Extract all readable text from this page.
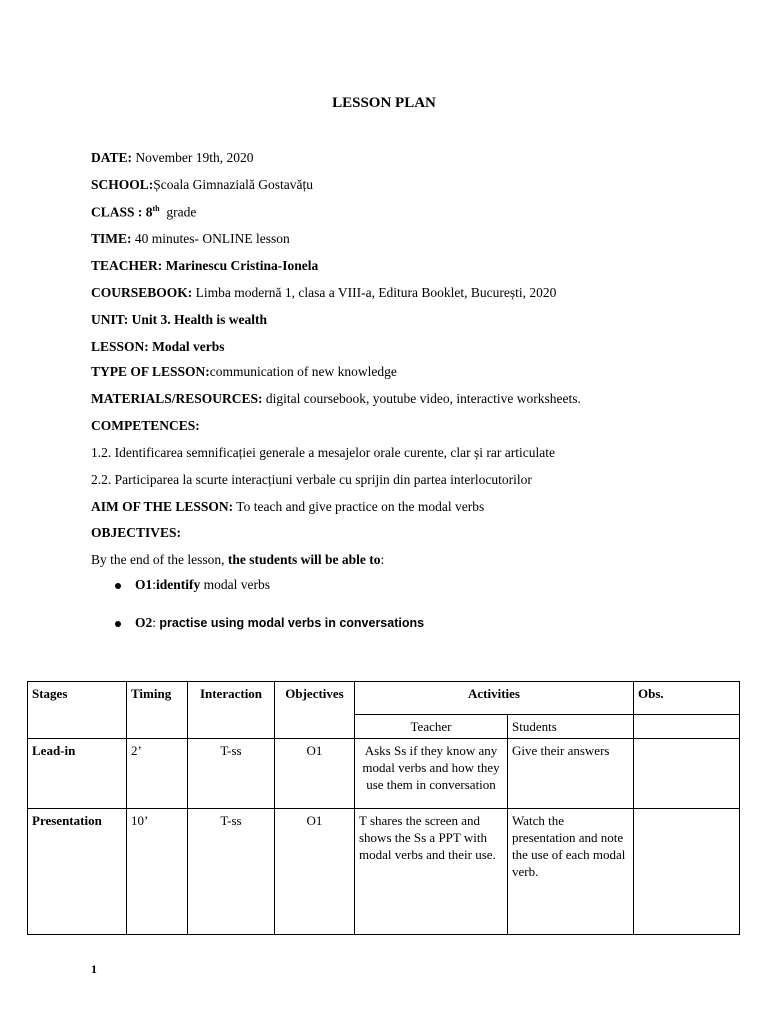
LESSON PLAN
DATE: November 19th, 2020
SCHOOL:Școala Gimnazială Gostavățu
CLASS : 8th grade
TIME: 40 minutes- ONLINE lesson
TEACHER: Marinescu Cristina-Ionela
COURSEBOOK: Limba modernă 1, clasa a VIII-a, Editura Booklet, București, 2020
UNIT: Unit 3. Health is wealth
LESSON: Modal verbs
TYPE OF LESSON:communication of new knowledge
MATERIALS/RESOURCES: digital coursebook, youtube video, interactive worksheets.
COMPETENCES:
1.2. Identificarea semnificației generale a mesajelor orale curente, clar și rar articulate
2.2. Participarea la scurte interacțiuni verbale cu sprijin din partea interlocutorilor
AIM OF THE LESSON: To teach and give practice on the modal verbs
OBJECTIVES:
By the end of the lesson, the students will be able to:
O1:identify modal verbs
O2: practise using modal verbs in conversations
Stages	Timing	Interaction	Objectives	Activities		Obs.
				Teacher	Students	
Lead-in	2’	T-ss	O1	Asks Ss if they know any modal verbs and how they use them in conversation	Give their answers	
Presentation	10’	T-ss	O1	T shares the screen and shows the Ss a PPT with modal verbs and their use.	Watch the presentation and note the use of each modal verb.	
1
